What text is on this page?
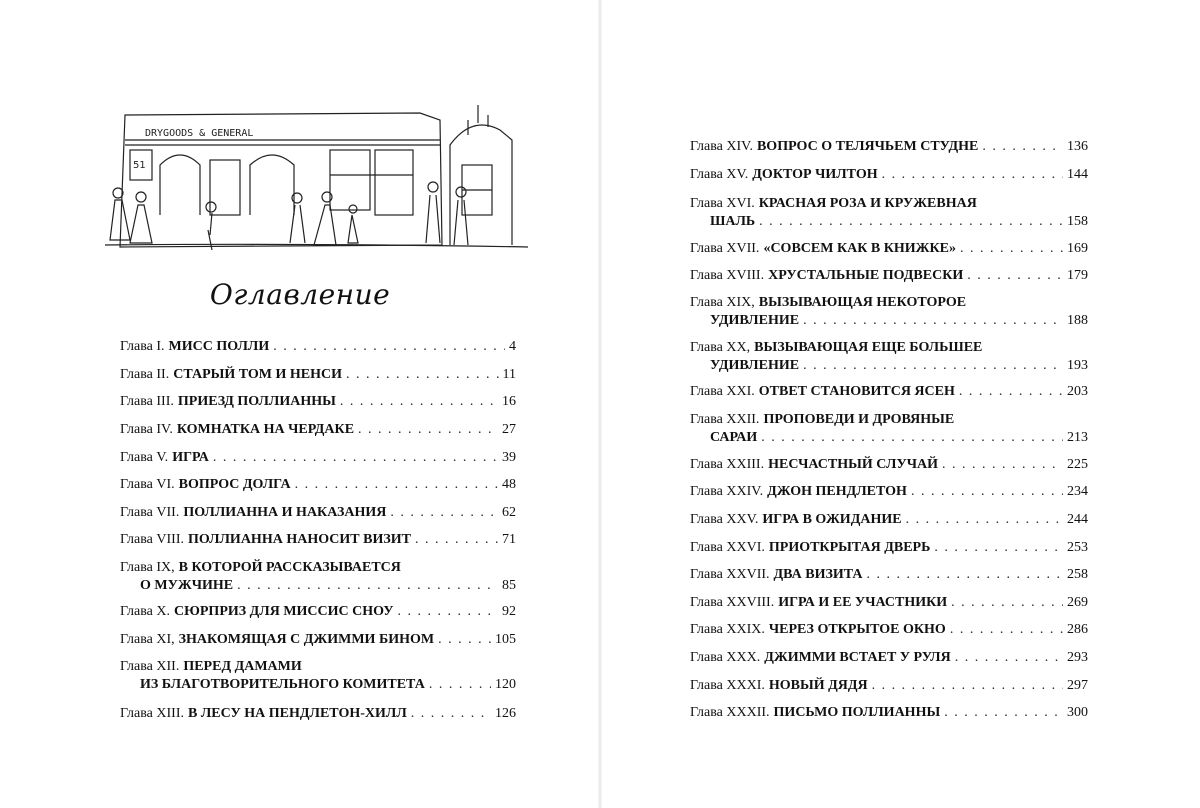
DRYGOODS & GENERAL
51
Оглавление
Глава I. МИСС ПОЛЛИ . . .	4
Глава II. СТАРЫЙ ТОМ И НЕНСИ . . .	11
Глава III. ПРИЕЗД ПОЛЛИАННЫ . . .	16
Глава IV. КОМНАТКА НА ЧЕРДАКЕ . . .	27
Глава V. ИГРА . . .	39
Глава VI. ВОПРОС ДОЛГА . . .	48
Глава VII. ПОЛЛИАННА И НАКАЗАНИЯ . . .	62
Глава VIII. ПОЛЛИАННА НАНОСИТ ВИЗИТ . . .	71
Глава IX, В КОТОРОЙ РАССКАЗЫВАЕТСЯ
О МУЖЧИНЕ . . .	85
Глава X. СЮРПРИЗ ДЛЯ МИССИС СНОУ . . .	92
Глава XI, ЗНАКОМЯЩАЯ С ДЖИММИ БИНОМ . . .	105
Глава XII. ПЕРЕД ДАМАМИ
ИЗ БЛАГОТВОРИТЕЛЬНОГО КОМИТЕТА . . .	120
Глава XIII. В ЛЕСУ НА ПЕНДЛЕТОН-ХИЛЛ . . .	126
Глава XIV. ВОПРОС О ТЕЛЯЧЬЕМ СТУДНЕ . . .	136
Глава XV. ДОКТОР ЧИЛТОН . . .	144
Глава XVI. КРАСНАЯ РОЗА И КРУЖЕВНАЯ
ШАЛЬ . . .	158
Глава XVII. «СОВСЕМ КАК В КНИЖКЕ» . . .	169
Глава XVIII. ХРУСТАЛЬНЫЕ ПОДВЕСКИ . . .	179
Глава XIX, ВЫЗЫВАЮЩАЯ НЕКОТОРОЕ
УДИВЛЕНИЕ . . .	188
Глава XX, ВЫЗЫВАЮЩАЯ ЕЩЕ БОЛЬШЕЕ
УДИВЛЕНИЕ . . .	193
Глава XXI. ОТВЕТ СТАНОВИТСЯ ЯСЕН . . .	203
Глава XXII. ПРОПОВЕДИ И ДРОВЯНЫЕ
САРАИ . . .	213
Глава XXIII. НЕСЧАСТНЫЙ СЛУЧАЙ . . .	225
Глава XXIV. ДЖОН ПЕНДЛЕТОН . . .	234
Глава XXV. ИГРА В ОЖИДАНИЕ . . .	244
Глава XXVI. ПРИОТКРЫТАЯ ДВЕРЬ . . .	253
Глава XXVII. ДВА ВИЗИТА . . .	258
Глава XXVIII. ИГРА И ЕЕ УЧАСТНИКИ . . .	269
Глава XXIX. ЧЕРЕЗ ОТКРЫТОЕ ОКНО . . .	286
Глава XXX. ДЖИММИ ВСТАЕТ У РУЛЯ . . .	293
Глава XXXI. НОВЫЙ ДЯДЯ . . .	297
Глава XXXII. ПИСЬМО ПОЛЛИАННЫ . . .	300
